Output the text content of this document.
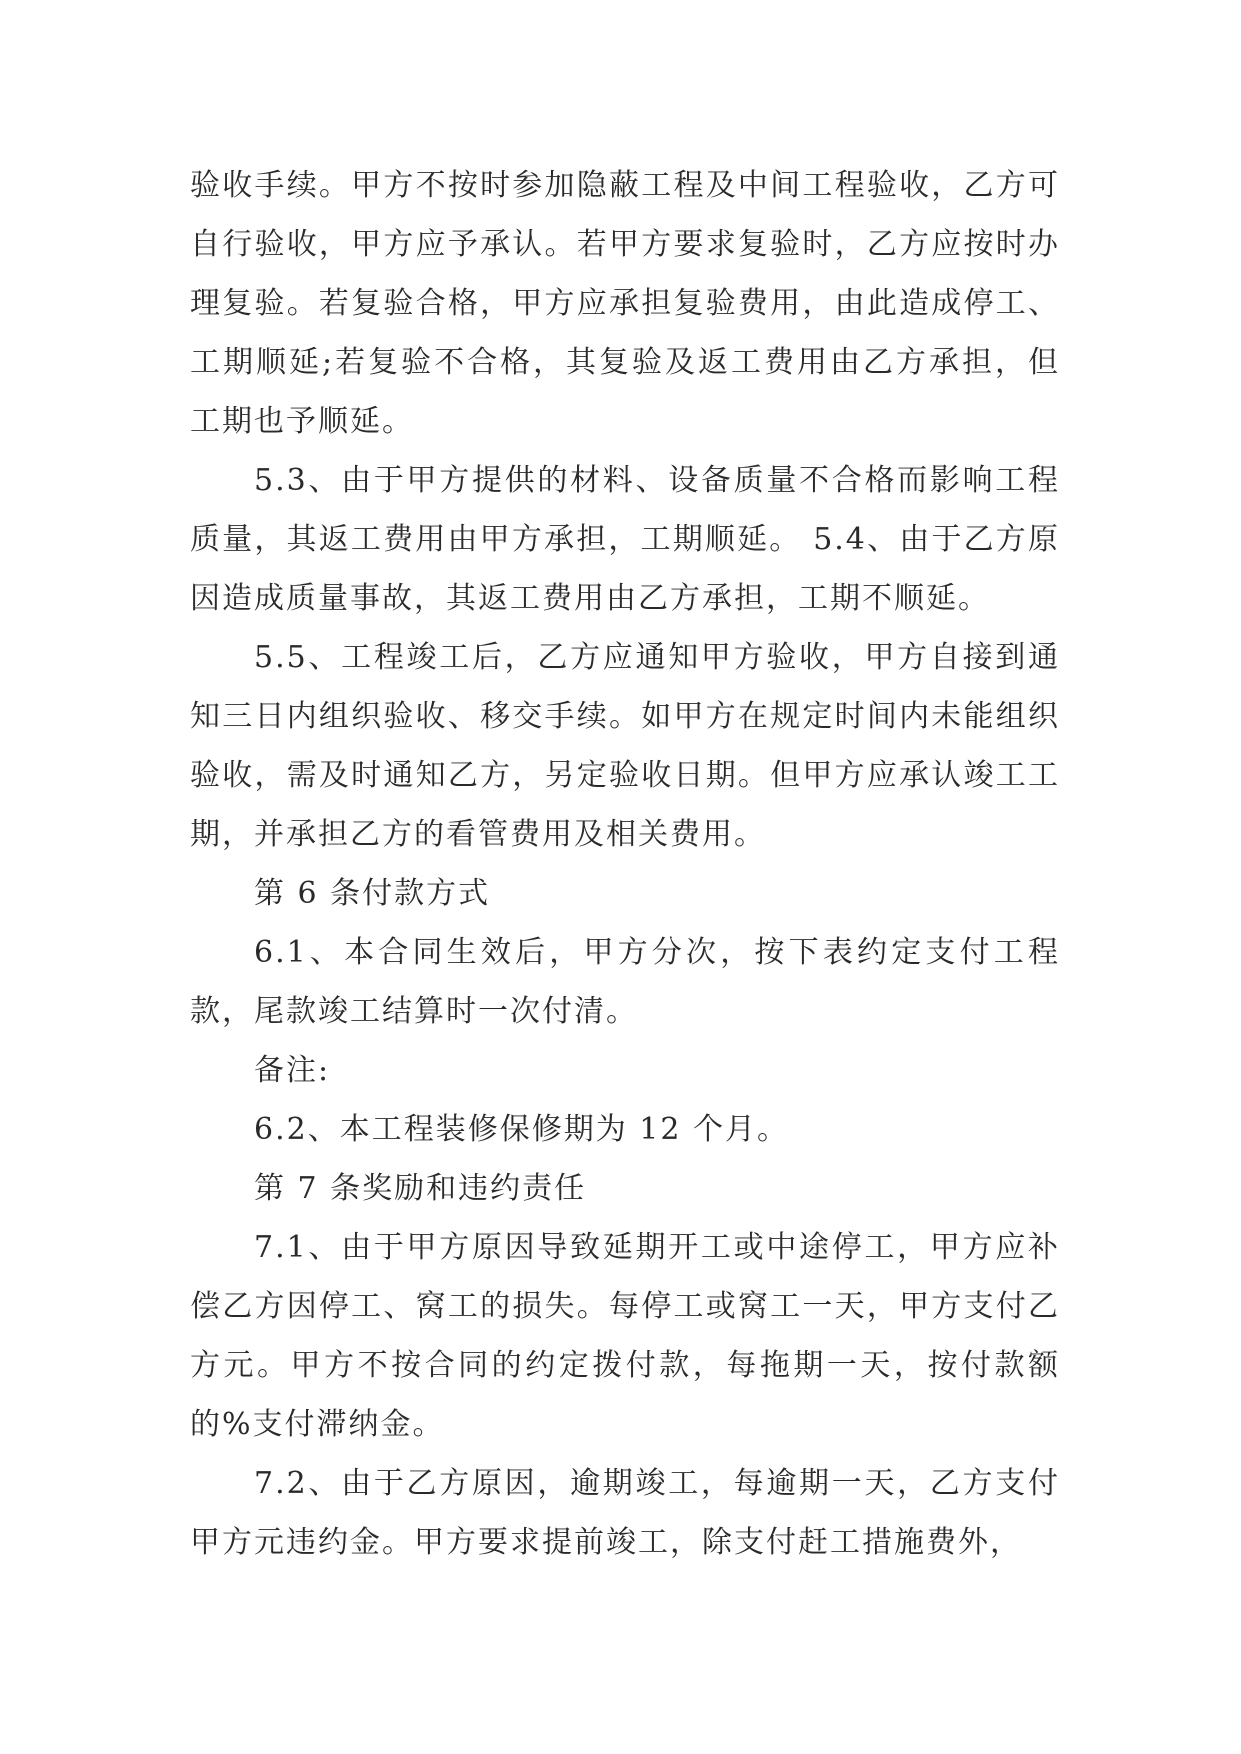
验收手续。甲方不按时参加隐蔽工程及中间工程验收，乙方可自行验收，甲方应予承认。若甲方要求复验时，乙方应按时办理复验。若复验合格，甲方应承担复验费用，由此造成停工、工期顺延;若复验不合格，其复验及返工费用由乙方承担，但工期也予顺延。

5.3、由于甲方提供的材料、设备质量不合格而影响工程质量，其返工费用由甲方承担，工期顺延。 5.4、由于乙方原因造成质量事故，其返工费用由乙方承担，工期不顺延。

5.5、工程竣工后，乙方应通知甲方验收，甲方自接到通知三日内组织验收、移交手续。如甲方在规定时间内未能组织验收，需及时通知乙方，另定验收日期。但甲方应承认竣工工期，并承担乙方的看管费用及相关费用。

第 6 条付款方式

6.1、本合同生效后，甲方分次，按下表约定支付工程款，尾款竣工结算时一次付清。

备注:

6.2、本工程装修保修期为 12 个月。

第 7 条奖励和违约责任

7.1、由于甲方原因导致延期开工或中途停工，甲方应补偿乙方因停工、窝工的损失。每停工或窝工一天，甲方支付乙方元。甲方不按合同的约定拨付款，每拖期一天，按付款额的%支付滞纳金。

7.2、由于乙方原因，逾期竣工，每逾期一天，乙方支付甲方元违约金。甲方要求提前竣工，除支付赶工措施费外，
